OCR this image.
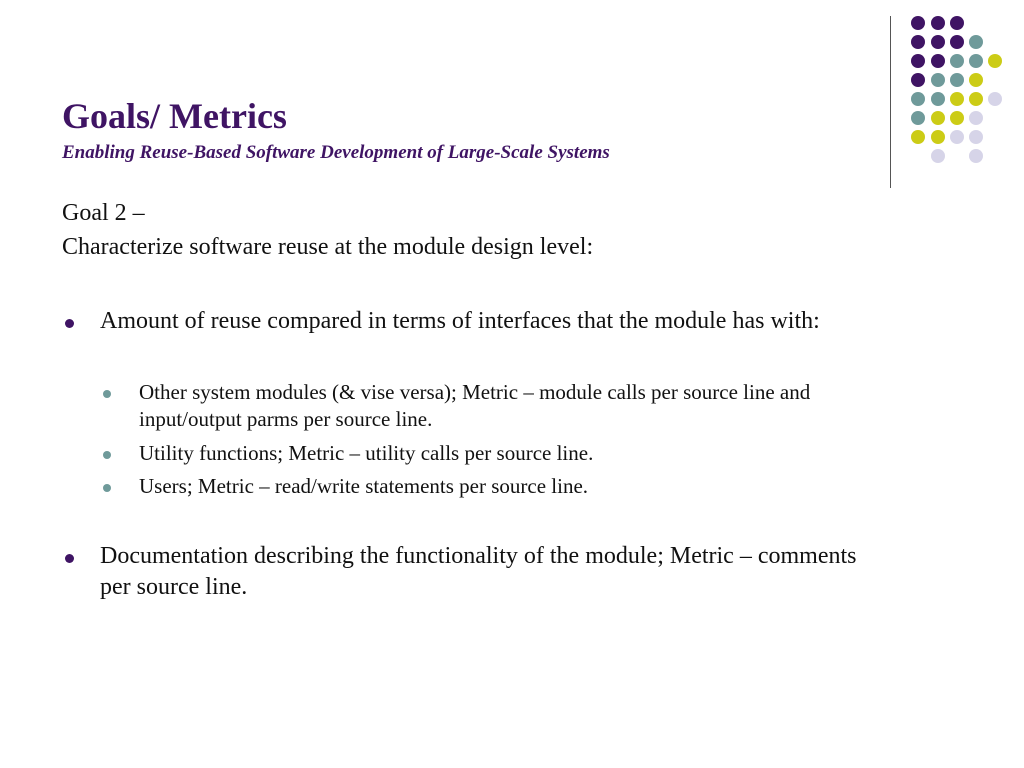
Goals/ Metrics
Enabling Reuse-Based Software Development of Large-Scale Systems

Goal 2 –

Characterize software reuse at the module design level:

Amount of reuse compared in terms of interfaces that the module has with:
Other system modules (& vise versa); Metric – module calls per source line and input/output parms per source line.
Utility functions; Metric – utility calls per source line.
Users; Metric – read/write statements per source line.
Documentation describing the functionality of the module; Metric – comments per source line.
